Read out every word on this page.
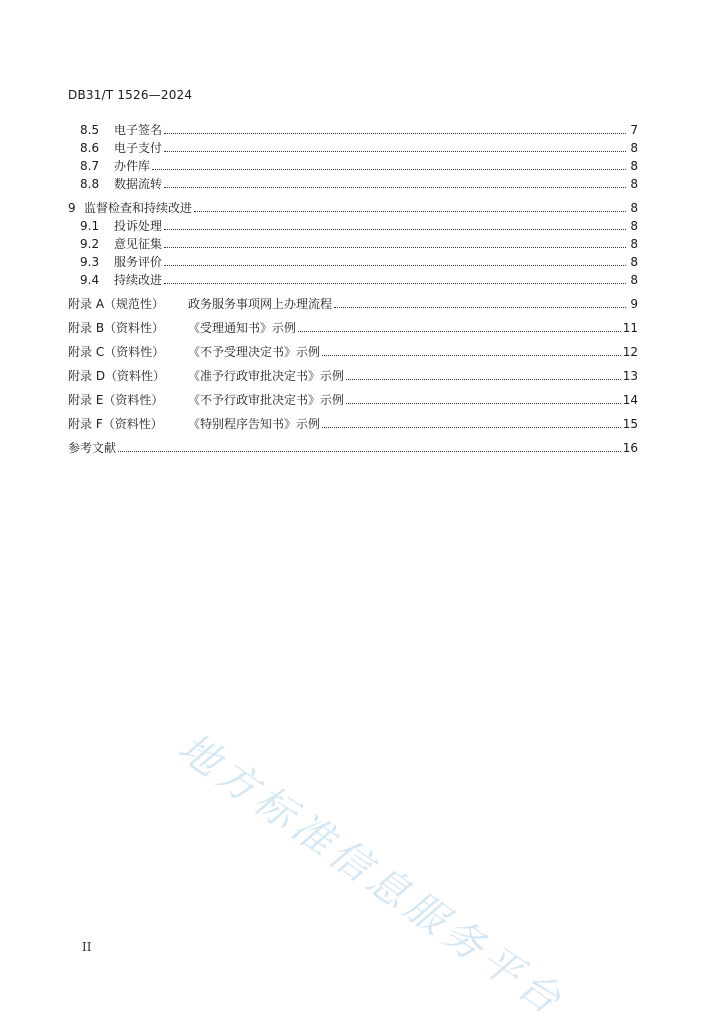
DB31/T 1526—2024
8.5 电子签名	7
8.6 电子支付	8
8.7 办件库	8
8.8 数据流转	8
9 监督检查和持续改进	8
9.1 投诉处理	8
9.2 意见征集	8
9.3 服务评价	8
9.4 持续改进	8
附录 A（规范性） 政务服务事项网上办理流程	9
附录 B（资料性） 《受理通知书》示例	11
附录 C（资料性） 《不予受理决定书》示例	12
附录 D（资料性） 《准予行政审批决定书》示例	13
附录 E（资料性） 《不予行政审批决定书》示例	14
附录 F（资料性） 《特别程序告知书》示例	15
参考文献	16
地方标准信息服务平台
II
